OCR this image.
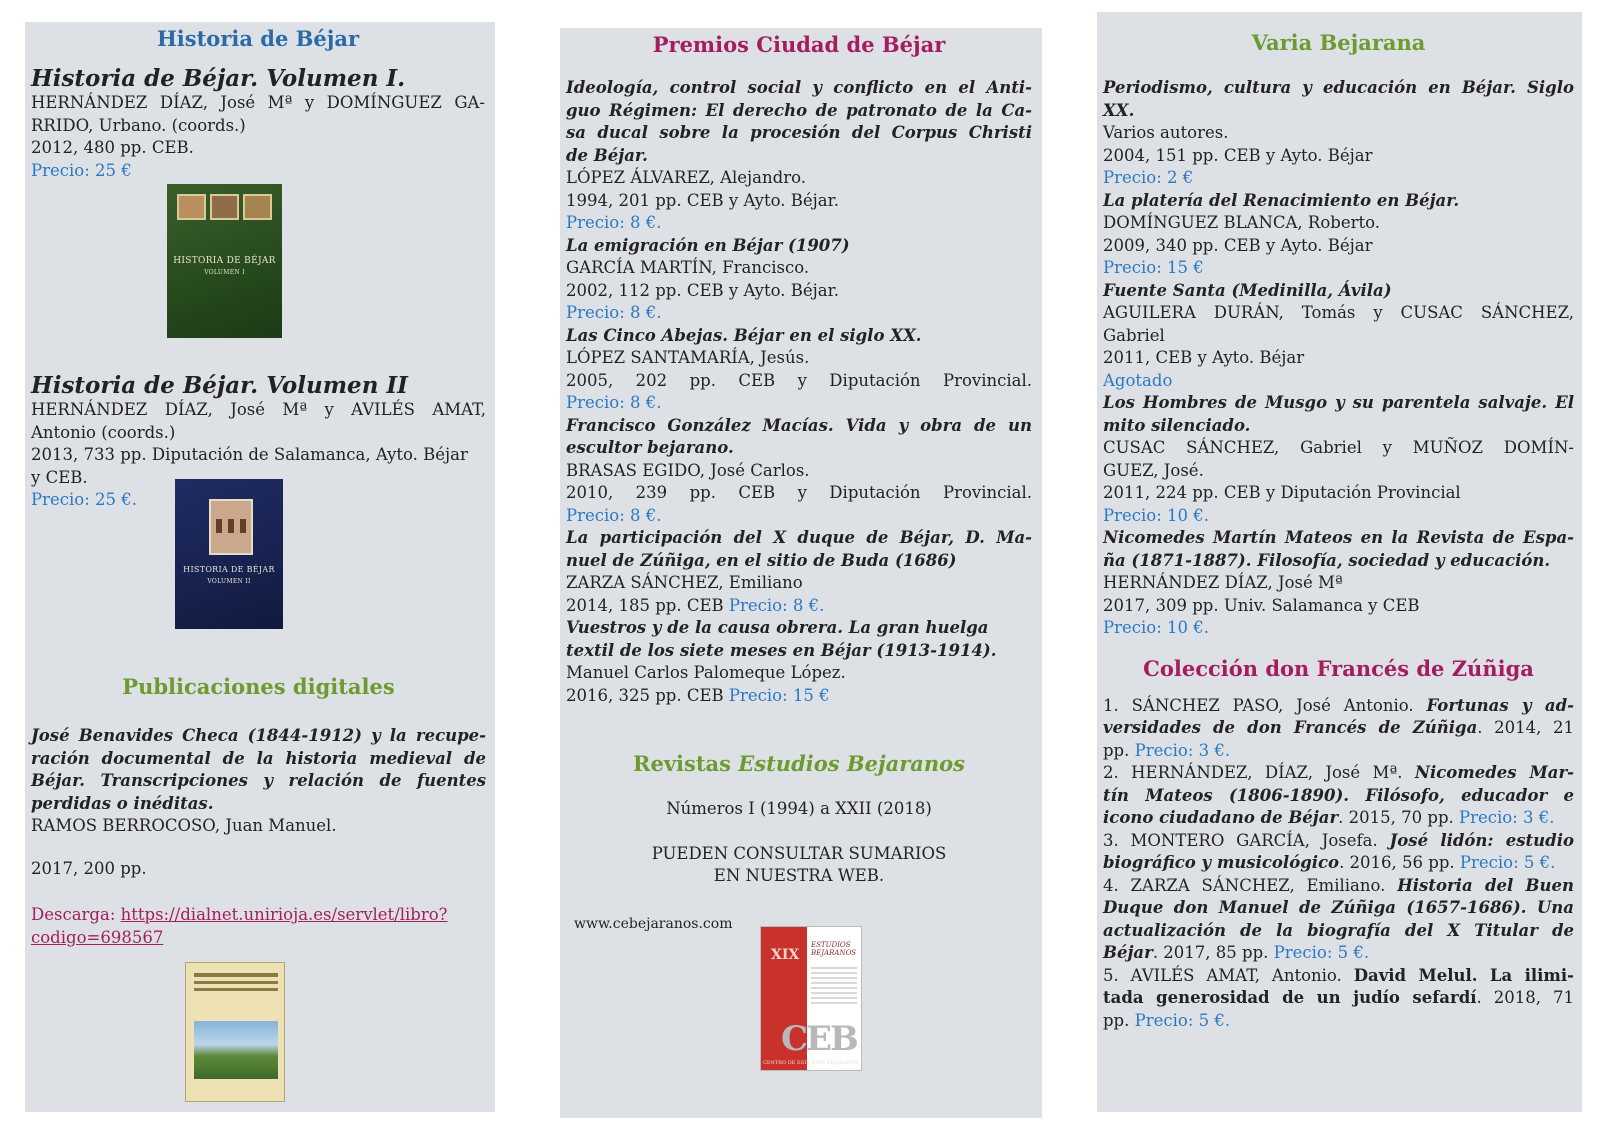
Historia de Béjar

Historia de Béjar. Volumen I.

HERNÁNDEZ DÍAZ, José Mª y DOMÍNGUEZ GA-

RRIDO, Urbano. (coords.)

2012, 480 pp. CEB.

Precio: 25 €

HISTORIA DE BÉJAR
VOLUMEN I

Historia de Béjar. Volumen II

HERNÁNDEZ DÍAZ, José Mª y AVILÉS AMAT,

Antonio (coords.)

2013, 733 pp. Diputación de Salamanca, Ayto. Béjar

y CEB.

Precio: 25 €.

HISTORIA DE BÉJAR
VOLUMEN II
Publicaciones digitales

José Benavides Checa (1844-1912) y la recupe-

ración documental de la historia medieval de

Béjar. Transcripciones y relación de fuentes

perdidas o inéditas.

RAMOS BERROCOSO, Juan Manuel.

2017, 200 pp.

Descarga: https://dialnet.unirioja.es/servlet/libro?

codigo=698567

Premios Ciudad de Béjar

Ideología, control social y conflicto en el Anti-

guo Régimen: El derecho de patronato de la Ca-

sa ducal sobre la procesión del Corpus Christi

de Béjar.

LÓPEZ ÁLVAREZ, Alejandro.

1994, 201 pp. CEB y Ayto. Béjar.

Precio: 8 €.

La emigración en Béjar (1907)

GARCÍA MARTÍN, Francisco.

2002, 112 pp. CEB y Ayto. Béjar.

Precio: 8 €.

Las Cinco Abejas. Béjar en el siglo XX.

LÓPEZ SANTAMARÍA, Jesús.

2005, 202 pp. CEB y Diputación Provincial.

Precio: 8 €.

Francisco González Macías. Vida y obra de un

escultor bejarano.

BRASAS EGIDO, José Carlos.

2010, 239 pp. CEB y Diputación Provincial.

Precio: 8 €.

La participación del X duque de Béjar, D. Ma-

nuel de Zúñiga, en el sitio de Buda (1686)

ZARZA SÁNCHEZ, Emiliano

2014, 185 pp. CEB Precio: 8 €.

Vuestros y de la causa obrera. La gran huelga

textil de los siete meses en Béjar (1913-1914).

Manuel Carlos Palomeque López.

2016, 325 pp. CEB Precio: 15 €

Revistas Estudios Bejaranos

Números I (1994) a XXII (2018)

PUEDEN CONSULTAR SUMARIOS

EN NUESTRA WEB.

www.cebejaranos.com
XIX
ESTUDIOS BEJARANOS
CEB
CENTRO DE ESTUDIOS BEJARANOS
Varia Bejarana

Periodismo, cultura y educación en Béjar. Siglo

XX.

Varios autores.

2004, 151 pp. CEB y Ayto. Béjar

Precio: 2 €

La platería del Renacimiento en Béjar.

DOMÍNGUEZ BLANCA, Roberto.

2009, 340 pp. CEB y Ayto. Béjar

Precio: 15 €

Fuente Santa (Medinilla, Ávila)

AGUILERA DURÁN, Tomás y CUSAC SÁNCHEZ,

Gabriel

2011, CEB y Ayto. Béjar

Agotado

Los Hombres de Musgo y su parentela salvaje. El

mito silenciado.

CUSAC SÁNCHEZ, Gabriel y MUÑOZ DOMÍN-

GUEZ, José.

2011, 224 pp. CEB y Diputación Provincial

Precio: 10 €.

Nicomedes Martín Mateos en la Revista de Espa-

ña (1871-1887). Filosofía, sociedad y educación.

HERNÁNDEZ DÍAZ, José Mª

2017, 309 pp. Univ. Salamanca y CEB

Precio: 10 €.

Colección don Francés de Zúñiga

1. SÁNCHEZ PASO, José Antonio. Fortunas y ad-

versidades de don Francés de Zúñiga. 2014, 21

pp. Precio: 3 €.

2. HERNÁNDEZ, DÍAZ, José Mª. Nicomedes Mar-

tín Mateos (1806-1890). Filósofo, educador e

icono ciudadano de Béjar. 2015, 70 pp. Precio: 3 €.

3. MONTERO GARCÍA, Josefa. José lidón: estudio

biográfico y musicológico. 2016, 56 pp. Precio: 5 €.

4. ZARZA SÁNCHEZ, Emiliano. Historia del Buen

Duque don Manuel de Zúñiga (1657-1686). Una

actualización de la biografía del X Titular de

Béjar. 2017, 85 pp. Precio: 5 €.

5. AVILÉS AMAT, Antonio. David Melul. La ilimi-

tada generosidad de un judío sefardí. 2018, 71

pp. Precio: 5 €.
